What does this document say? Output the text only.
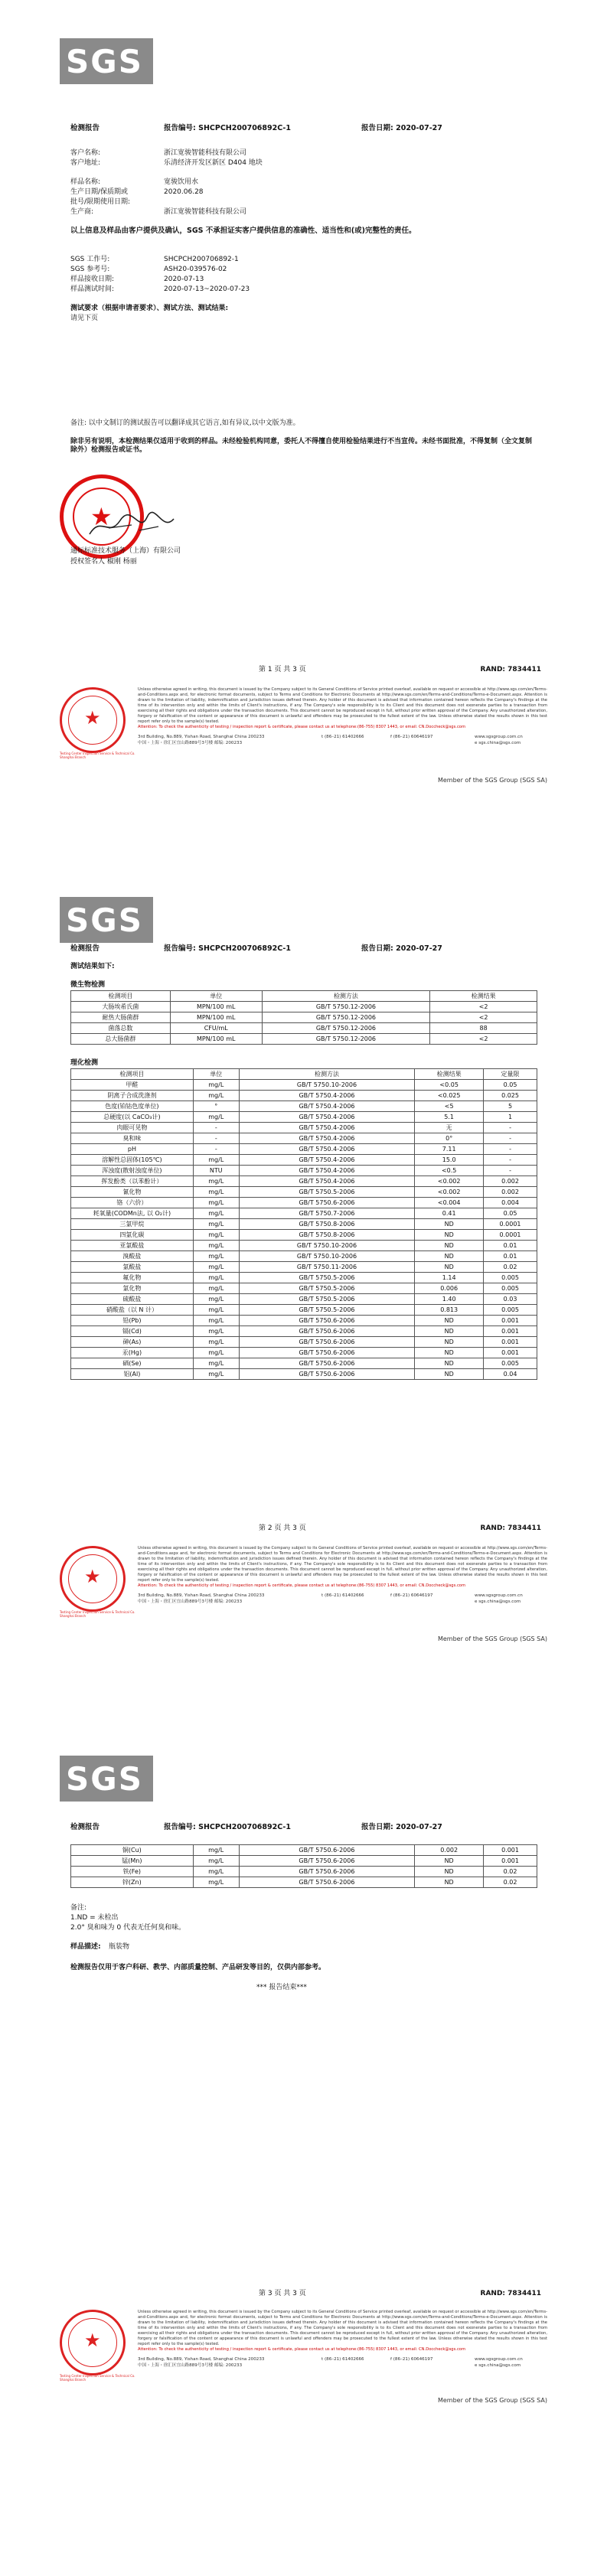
SGS
检测报告	报告编号: SHCPCH200706892C-1	报告日期: 2020-07-27
客户名称:	浙江宽骏智能科技有限公司
客户地址:	乐清经济开发区新区 D404 地块
样品名称:	宽骏饮用水
生产日期/保质期或	2020.06.28
批号/限期使用日期:
生产商:	浙江宽骏智能科技有限公司
以上信息及样品由客户提供及确认，SGS 不承担证实客户提供信息的准确性、适当性和(或)完整性的责任。
SGS 工作号:	SHCPCH200706892-1
SGS 参考号:	ASH20-039576-02
样品接收日期:	2020-07-13
样品测试时间:	2020-07-13~2020-07-23
测试要求（根据申请者要求）、测试方法、测试结果:
请见下页
备注: 以中文制订的测试报告可以翻译成其它语言,如有异议,以中文版为准。
除非另有说明，本检测结果仅适用于收到的样品。未经检验机构同意，委托人不得擅自使用检验结果进行不当宣传。未经书面批准，不得复制（全文复制除外）检测报告或证书。
★
通标标准技术服务（上海）有限公司
授权签名人 椒刚 杨丽
第 1 页 共 3 页	RAND: 7834411
★
Testing Center Inspection Service & Technical Co. Shanghai Branch
Unless otherwise agreed in writing, this document is issued by the Company subject to its General Conditions of Service printed overleaf, available on request or accessible at http://www.sgs.com/en/Terms-and-Conditions.aspx and, for electronic format documents, subject to Terms and Conditions for Electronic Documents at http://www.sgs.com/en/Terms-and-Conditions/Terms-e-Document.aspx. Attention is drawn to the limitation of liability, indemnification and jurisdiction issues defined therein. Any holder of this document is advised that information contained hereon reflects the Company's findings at the time of its intervention only and within the limits of Client's instructions, if any. The Company's sole responsibility is to its Client and this document does not exonerate parties to a transaction from exercising all their rights and obligations under the transaction documents. This document cannot be reproduced except in full, without prior written approval of the Company. Any unauthorized alteration, forgery or falsification of the content or appearance of this document is unlawful and offenders may be prosecuted to the fullest extent of the law. Unless otherwise stated the results shown in this test report refer only to the sample(s) tested.
Attention: To check the authenticity of testing / inspection report & certificate, please contact us at telephone:(86-755) 8307 1443, or email: CN.Doccheck@sgs.com
3rd Building, No.889, Yishan Road, Shanghai China 200233
中国・上海・徐汇区宜山路889号3号楼 邮编: 200233
t (86–21) 61402666	f (86–21) 60646197	www.sgsgroup.com.cn
e sgs.china@sgs.com
Member of the SGS Group (SGS SA)
SGS
检测报告	报告编号: SHCPCH200706892C-1	报告日期: 2020-07-27
测试结果如下:
微生物检测
检测项目	单位	检测方法	检测结果
大肠埃希氏菌	MPN/100 mL	GB/T 5750.12-2006	<2
耐热大肠菌群	MPN/100 mL	GB/T 5750.12-2006	<2
菌落总数	CFU/mL	GB/T 5750.12-2006	88
总大肠菌群	MPN/100 mL	GB/T 5750.12-2006	<2
理化检测
检测项目	单位	检测方法	检测结果	定量限
甲醛	mg/L	GB/T 5750.10-2006	<0.05	0.05
阴离子合成洗涤剂	mg/L	GB/T 5750.4-2006	<0.025	0.025
色度(铂钴色度单位)	°	GB/T 5750.4-2006	<5	5
总硬度(以 CaCO₃计)	mg/L	GB/T 5750.4-2006	5.1	1
肉眼可见物	-	GB/T 5750.4-2006	无	-
臭和味	-	GB/T 5750.4-2006	0°	-
pH	-	GB/T 5750.4-2006	7.11	-
溶解性总固体(105℃)	mg/L	GB/T 5750.4-2006	15.0	-
浑浊度(散射浊度单位)	NTU	GB/T 5750.4-2006	<0.5	-
挥发酚类（以苯酚计）	mg/L	GB/T 5750.4-2006	<0.002	0.002
氰化物	mg/L	GB/T 5750.5-2006	<0.002	0.002
铬（六价）	mg/L	GB/T 5750.6-2006	<0.004	0.004
耗氧量(CODMn法, 以 O₂计)	mg/L	GB/T 5750.7-2006	0.41	0.05
三氯甲烷	mg/L	GB/T 5750.8-2006	ND	0.0001
四氯化碳	mg/L	GB/T 5750.8-2006	ND	0.0001
亚氯酸盐	mg/L	GB/T 5750.10-2006	ND	0.01
溴酸盐	mg/L	GB/T 5750.10-2006	ND	0.01
氯酸盐	mg/L	GB/T 5750.11-2006	ND	0.02
氟化物	mg/L	GB/T 5750.5-2006	1.14	0.005
氯化物	mg/L	GB/T 5750.5-2006	0.006	0.005
硫酸盐	mg/L	GB/T 5750.5-2006	1.40	0.03
硝酸盐（以 N 计）	mg/L	GB/T 5750.5-2006	0.813	0.005
铅(Pb)	mg/L	GB/T 5750.6-2006	ND	0.001
镉(Cd)	mg/L	GB/T 5750.6-2006	ND	0.001
砷(As)	mg/L	GB/T 5750.6-2006	ND	0.001
汞(Hg)	mg/L	GB/T 5750.6-2006	ND	0.001
硒(Se)	mg/L	GB/T 5750.6-2006	ND	0.005
铝(Al)	mg/L	GB/T 5750.6-2006	ND	0.04
第 2 页 共 3 页	RAND: 7834411
★
Testing Center Inspection Service & Technical Co. Shanghai Branch
Unless otherwise agreed in writing, this document is issued by the Company subject to its General Conditions of Service printed overleaf, available on request or accessible at http://www.sgs.com/en/Terms-and-Conditions.aspx and, for electronic format documents, subject to Terms and Conditions for Electronic Documents at http://www.sgs.com/en/Terms-and-Conditions/Terms-e-Document.aspx. Attention is drawn to the limitation of liability, indemnification and jurisdiction issues defined therein. Any holder of this document is advised that information contained hereon reflects the Company's findings at the time of its intervention only and within the limits of Client's instructions, if any. The Company's sole responsibility is to its Client and this document does not exonerate parties to a transaction from exercising all their rights and obligations under the transaction documents. This document cannot be reproduced except in full, without prior written approval of the Company. Any unauthorized alteration, forgery or falsification of the content or appearance of this document is unlawful and offenders may be prosecuted to the fullest extent of the law. Unless otherwise stated the results shown in this test report refer only to the sample(s) tested.
Attention: To check the authenticity of testing / inspection report & certificate, please contact us at telephone:(86-755) 8307 1443, or email: CN.Doccheck@sgs.com
3rd Building, No.889, Yishan Road, Shanghai China 200233
中国・上海・徐汇区宜山路889号3号楼 邮编: 200233
t (86–21) 61402666	f (86–21) 60646197	www.sgsgroup.com.cn
e sgs.china@sgs.com
Member of the SGS Group (SGS SA)
SGS
检测报告	报告编号: SHCPCH200706892C-1	报告日期: 2020-07-27
铜(Cu)	mg/L	GB/T 5750.6-2006	0.002	0.001
锰(Mn)	mg/L	GB/T 5750.6-2006	ND	0.001
铁(Fe)	mg/L	GB/T 5750.6-2006	ND	0.02
锌(Zn)	mg/L	GB/T 5750.6-2006	ND	0.02
备注:
1.ND = 未检出
2.0° 臭和味为 0 代表无任何臭和味。
样品描述: 瓶装物
检测报告仅用于客户科研、教学、内部质量控制、产品研发等目的，仅供内部参考。
*** 报告结束***
第 3 页 共 3 页	RAND: 7834411
★
Testing Center Inspection Service & Technical Co. Shanghai Branch
Unless otherwise agreed in writing, this document is issued by the Company subject to its General Conditions of Service printed overleaf, available on request or accessible at http://www.sgs.com/en/Terms-and-Conditions.aspx and, for electronic format documents, subject to Terms and Conditions for Electronic Documents at http://www.sgs.com/en/Terms-and-Conditions/Terms-e-Document.aspx. Attention is drawn to the limitation of liability, indemnification and jurisdiction issues defined therein. Any holder of this document is advised that information contained hereon reflects the Company's findings at the time of its intervention only and within the limits of Client's instructions, if any. The Company's sole responsibility is to its Client and this document does not exonerate parties to a transaction from exercising all their rights and obligations under the transaction documents. This document cannot be reproduced except in full, without prior written approval of the Company. Any unauthorized alteration, forgery or falsification of the content or appearance of this document is unlawful and offenders may be prosecuted to the fullest extent of the law. Unless otherwise stated the results shown in this test report refer only to the sample(s) tested.
Attention: To check the authenticity of testing / inspection report & certificate, please contact us at telephone:(86-755) 8307 1443, or email: CN.Doccheck@sgs.com
3rd Building, No.889, Yishan Road, Shanghai China 200233
中国・上海・徐汇区宜山路889号3号楼 邮编: 200233
t (86–21) 61402666	f (86–21) 60646197	www.sgsgroup.com.cn
e sgs.china@sgs.com
Member of the SGS Group (SGS SA)
